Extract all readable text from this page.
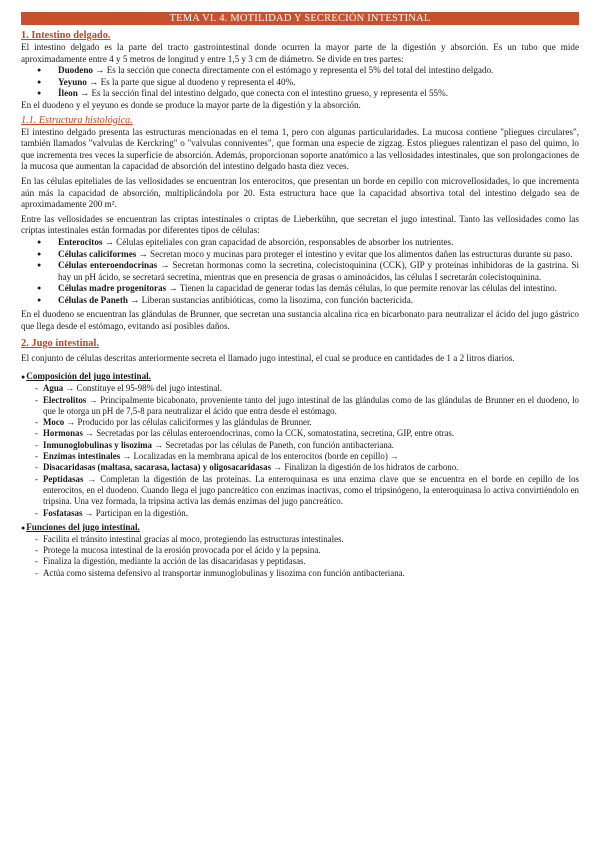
TEMA VI. 4. MOTILIDAD Y SECRECIÓN INTESTINAL
1. Intestino delgado.

El intestino delgado es la parte del tracto gastrointestinal donde ocurren la mayor parte de la digestión y absorción. Es un tubo que mide aproximadamente entre 4 y 5 metros de longitud y entre 1,5 y 3 cm de diámetro. Se divide en tres partes:

● Duodeno → Es la sección que conecta directamente con el estómago y representa el 5% del total del intestino delgado.
● Yeyuno → Es la parte que sigue al duodeno y representa el 40%.
● Íleon → Es la sección final del intestino delgado, que conecta con el intestino grueso, y representa el 55%.

En el duodeno y el yeyuno es donde se produce la mayor parte de la digestión y la absorción.

1.1. Estructura histológica.

El intestino delgado presenta las estructuras mencionadas en el tema 1, pero con algunas particularidades. La mucosa contiene "pliegues circulares", también llamados "valvulas de Kerckring" o "valvulas conniventes", que forman una especie de zigzag. Estos pliegues ralentizan el paso del quimo, lo que incrementa tres veces la superficie de absorción. Además, proporcionan soporte anatómico a las vellosidades intestinales, que son prolongaciones de la mucosa que aumentan la capacidad de absorción del intestino delgado hasta diez veces.

En las células epiteliales de las vellosidades se encuentran los enterocitos, que presentan un borde en cepillo con microvellosidades, lo que incrementa aún más la capacidad de absorción, multiplicándola por 20. Esta estructura hace que la capacidad absortiva total del intestino delgado sea de aproximadamente 200 m².

Entre las vellosidades se encuentran las criptas intestinales o criptas de Lieberkühn, que secretan el jugo intestinal. Tanto las vellosidades como las criptas intestinales están formadas por diferentes tipos de células:

● Enterocitos → Células epiteliales con gran capacidad de absorción, responsables de absorber los nutrientes.
● Células caliciformes → Secretan moco y mucinas para proteger el intestino y evitar que los alimentos dañen las estructuras durante su paso.
● Células enteroendocrinas → Secretan hormonas como la secretina, colecistoquinina (CCK), GIP y proteínas inhibidoras de la gastrina. Si hay un pH ácido, se secretará secretina, mientras que en presencia de grasas o aminoácidos, las células I secretarán colecistoquinina.
● Células madre progenitoras → Tienen la capacidad de generar todas las demás células, lo que permite renovar las células del intestino.
● Células de Paneth → Liberan sustancias antibióticas, como la lisozima, con función bactericida.

En el duodeno se encuentran las glándulas de Brunner, que secretan una sustancia alcalina rica en bicarbonato para neutralizar el ácido del jugo gástrico que llega desde el estómago, evitando así posibles daños.

2. Jugo intestinal.

El conjunto de células descritas anteriormente secreta el llamado jugo intestinal, el cual se produce en cantidades de 1 a 2 litros diarios.

●Composición del jugo intestinal.
- Agua → Constituye el 95-98% del jugo intestinal.
- Electrolitos → Principalmente bicabonato, proveniente tanto del jugo intestinal de las glándulas como de las glándulas de Brunner en el duodeno, lo que le otorga un pH de 7,5-8 para neutralizar el ácido que entra desde el estómago.
- Moco → Producido por las células caliciformes y las glándulas de Brunner.
- Hormonas → Secretadas por las células enteroendocrinas, como la CCK, somatostatina, secretina, GIP, entre otras.
- Inmunoglobulinas y lisozima → Secretadas por las células de Paneth, con función antibacteriana.
- Enzimas intestinales → Localizadas en la membrana apical de los enterocitos (borde en cepillo) →
- Disacaridasas (maltasa, sacarasa, lactasa) y oligosacaridasas → Finalizan la digestión de los hidratos de carbono.
- Peptidasas → Completan la digestión de las proteínas. La enteroquinasa es una enzima clave que se encuentra en el borde en cepillo de los enterocitos, en el duodeno. Cuando llega el jugo pancreático con enzimas inactivas, como el tripsinógeno, la enteroquinasa lo activa convirtiéndolo en tripsina. Una vez formada, la tripsina activa las demás enzimas del jugo pancreático.
- Fosfatasas → Participan en la digestión.
●Funciones del jugo intestinal.
- Facilita el tránsito intestinal gracias al moco, protegiendo las estructuras intestinales.
- Protege la mucosa intestinal de la erosión provocada por el ácido y la pepsina.
- Finaliza la digestión, mediante la acción de las disacaridasas y peptidasas.
- Actúa como sistema defensivo al transportar inmunoglobulinas y lisozima con función antibacteriana.
